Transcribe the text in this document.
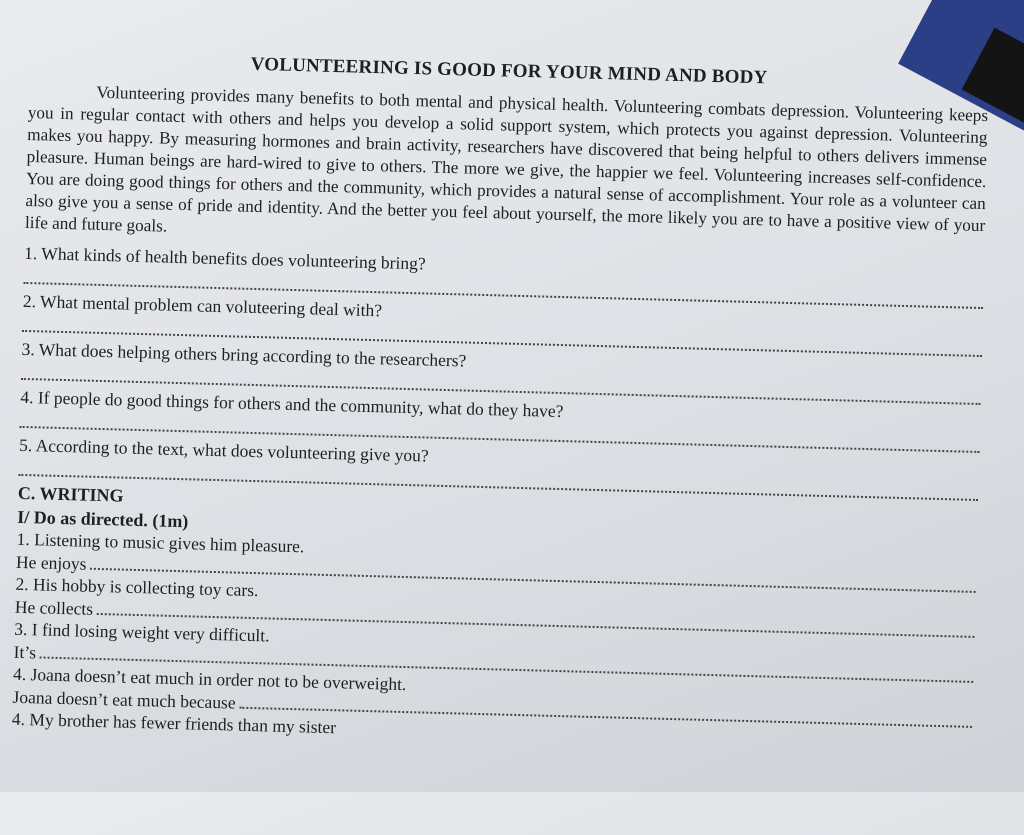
VOLUNTEERING IS GOOD FOR YOUR MIND AND BODY

Volunteering provides many benefits to both mental and physical health. Volunteering combats depression. Volunteering keeps you in regular contact with others and helps you develop a solid support system, which protects you against depression. Volunteering makes you happy. By measuring hormones and brain activity, researchers have discovered that being helpful to others delivers immense pleasure. Human beings are hard-wired to give to others. The more we give, the happier we feel. Volunteering increases self-confidence. You are doing good things for others and the community, which provides a natural sense of accomplishment. Your role as a volunteer can also give you a sense of pride and identity. And the better you feel about yourself, the more likely you are to have a positive view of your life and future goals.

1. What kinds of health benefits does volunteering bring?

2. What mental problem can voluteering deal with?

3. What does helping others bring according to the researchers?

4. If people do good things for others and the community, what do they have?

5. According to the text, what does volunteering give you?

C. WRITING
I/ Do as directed. (1m)

1. Listening to music gives him pleasure.

He enjoys

2. His hobby is collecting toy cars.

He collects

3. I find losing weight very difficult.

It’s

4. Joana doesn’t eat much in order not to be overweight.

Joana doesn’t eat much because

4. My brother has fewer friends than my sister
